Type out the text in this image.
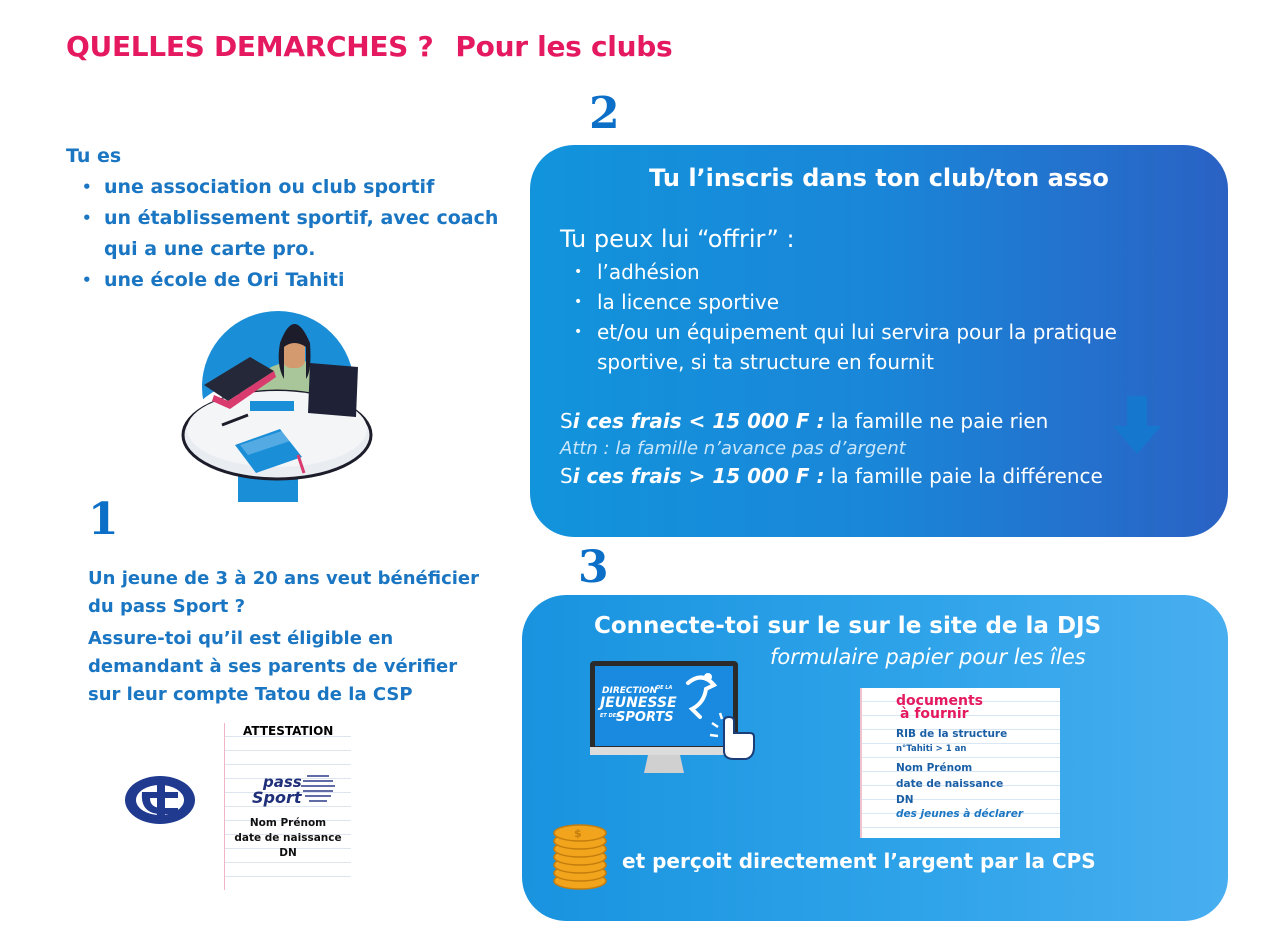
QUELLES DEMARCHES ? Pour les clubs
2
1
3
Tu es
• une association ou club sportif
• un établissement sportif, avec coach qui a une carte pro.
• une école de Ori Tahiti

Un jeune de 3 à 20 ans veut bénéficier du pass Sport ?

Assure-toi qu’il est éligible en demandant à ses parents de vérifier sur leur compte Tatou de la CSP

ATTESTATION
pass
Sport
Nom Prénom
date de naissance
DN
Tu l’inscris dans ton club/ton asso
Tu peux lui “offrir” :
• l’adhésion
• la licence sportive
• et/ou un équipement qui lui servira pour la pratique sportive, si ta structure en fournit
Si ces frais < 15 000 F : la famille ne paie rien
Attn : la famille n’avance pas d’argent
Si ces frais > 15 000 F : la famille paie la différence
Connecte-toi sur le sur le site de la DJS
formulaire papier pour les îles
DIRECTION
DE LA
JEUNESSE
ET DES
SPORTS
documents
à fournir
RIB de la structure
n°Tahiti > 1 an
Nom Prénom
date de naissance
DN
des jeunes à déclarer
$
et perçoit directement l’argent par la CPS
